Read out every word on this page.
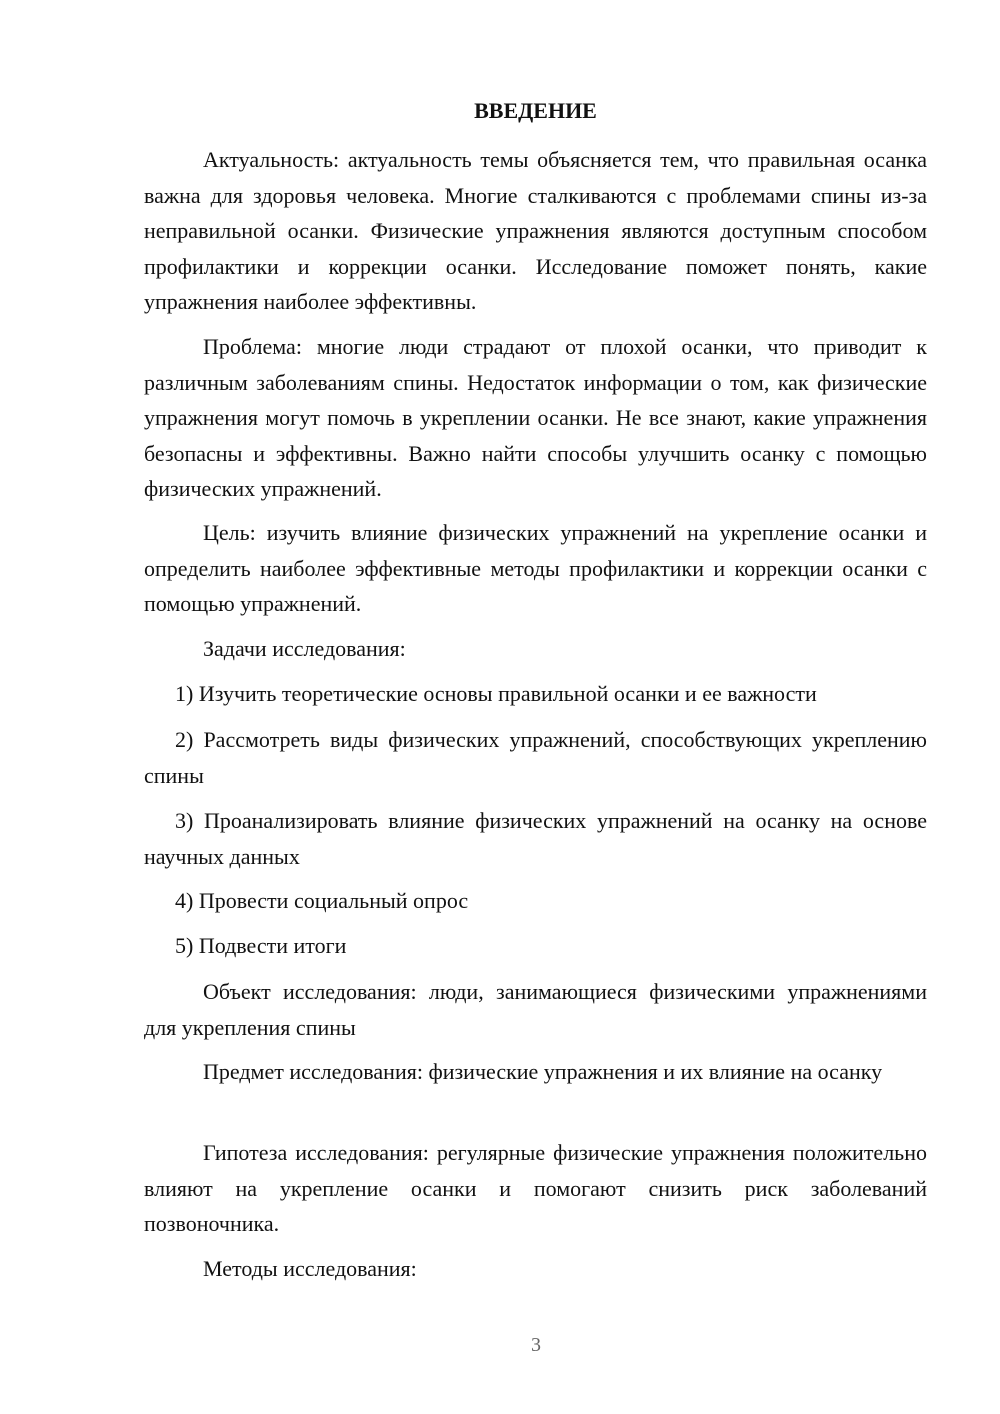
ВВЕДЕНИЕ

Актуальность: актуальность темы объясняется тем, что правильная осанка важна для здоровья человека. Многие сталкиваются с проблемами спины из-за неправильной осанки. Физические упражнения являются доступным способом профилактики и коррекции осанки. Исследование поможет понять, какие упражнения наиболее эффективны.

Проблема: многие люди страдают от плохой осанки, что приводит к различным заболеваниям спины. Недостаток информации о том, как физические упражнения могут помочь в укреплении осанки. Не все знают, какие упражнения безопасны и эффективны. Важно найти способы улучшить осанку с помощью физических упражнений.

Цель: изучить влияние физических упражнений на укрепление осанки и определить наиболее эффективные методы профилактики и коррекции осанки с помощью упражнений.

Задачи исследования:

1) Изучить теоретические основы правильной осанки и ее важности

2) Рассмотреть виды физических упражнений, способствующих укреплению спины

3) Проанализировать влияние физических упражнений на осанку на основе научных данных

4) Провести социальный опрос

5) Подвести итоги

Объект исследования: люди, занимающиеся физическими упражнениями для укрепления спины

Предмет исследования: физические упражнения и их влияние на осанку

Гипотеза исследования: регулярные физические упражнения положительно влияют на укрепление осанки и помогают снизить риск заболеваний позвоночника.

Методы исследования:

3
